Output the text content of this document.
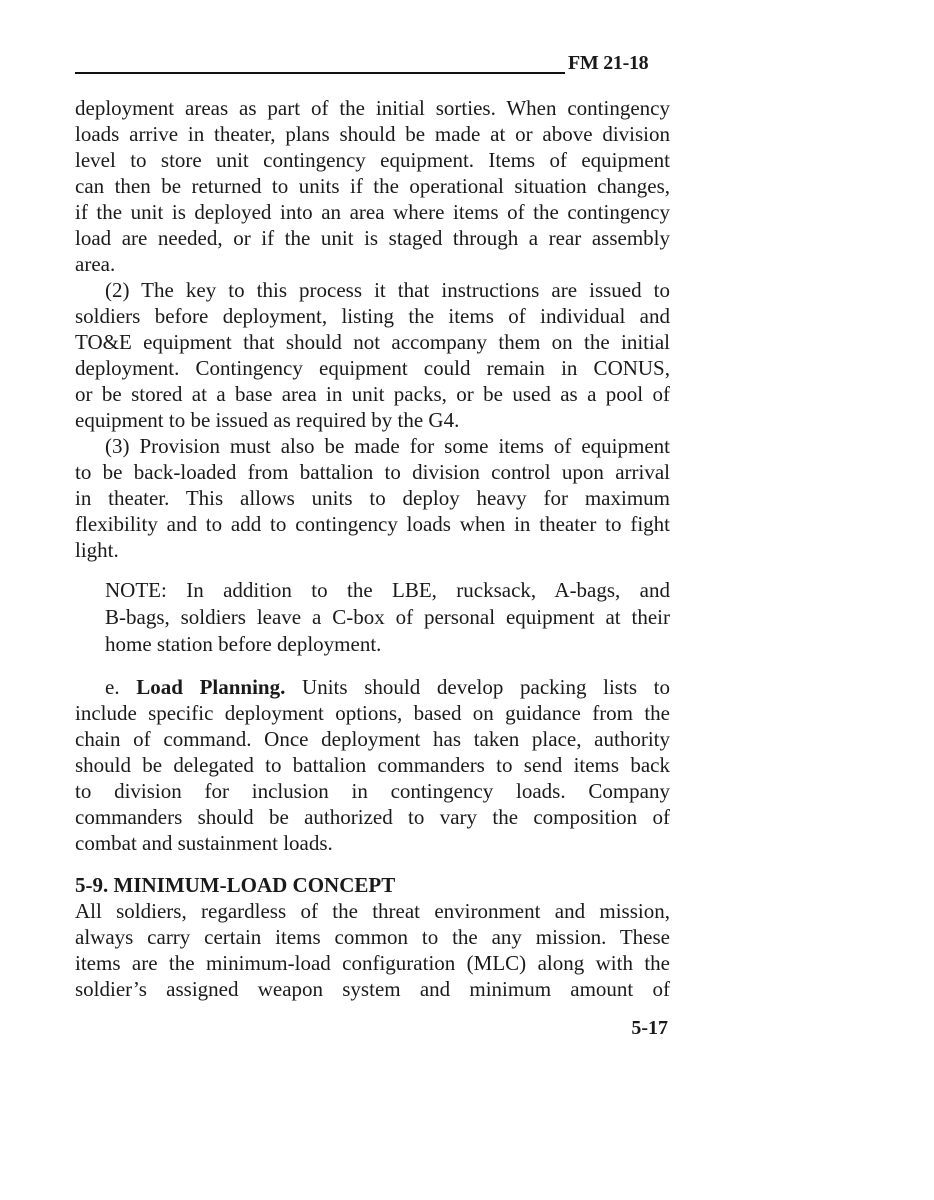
FM 21-18
deployment areas as part of the initial sorties. When contingency
loads arrive in theater, plans should be made at or above division
level to store unit contingency equipment. Items of equipment
can then be returned to units if the operational situation changes,
if the unit is deployed into an area where items of the contingency
load are needed, or if the unit is staged through a rear assembly
area.
(2) The key to this process it that instructions are issued to
soldiers before deployment, listing the items of individual and
TO&E equipment that should not accompany them on the initial
deployment. Contingency equipment could remain in CONUS,
or be stored at a base area in unit packs, or be used as a pool of
equipment to be issued as required by the G4.
(3) Provision must also be made for some items of equipment
to be back-loaded from battalion to division control upon arrival
in theater. This allows units to deploy heavy for maximum
flexibility and to add to contingency loads when in theater to fight
light.
NOTE: In addition to the LBE, rucksack, A-bags, and
B-bags, soldiers leave a C-box of personal equipment at their
home station before deployment.
e. Load Planning. Units should develop packing lists to
include specific deployment options, based on guidance from the
chain of command. Once deployment has taken place, authority
should be delegated to battalion commanders to send items back
to division for inclusion in contingency loads. Company
commanders should be authorized to vary the composition of
combat and sustainment loads.
5-9. MINIMUM-LOAD CONCEPT
All soldiers, regardless of the threat environment and mission,
always carry certain items common to the any mission. These
items are the minimum-load configuration (MLC) along with the
soldier’s assigned weapon system and minimum amount of
5-17
